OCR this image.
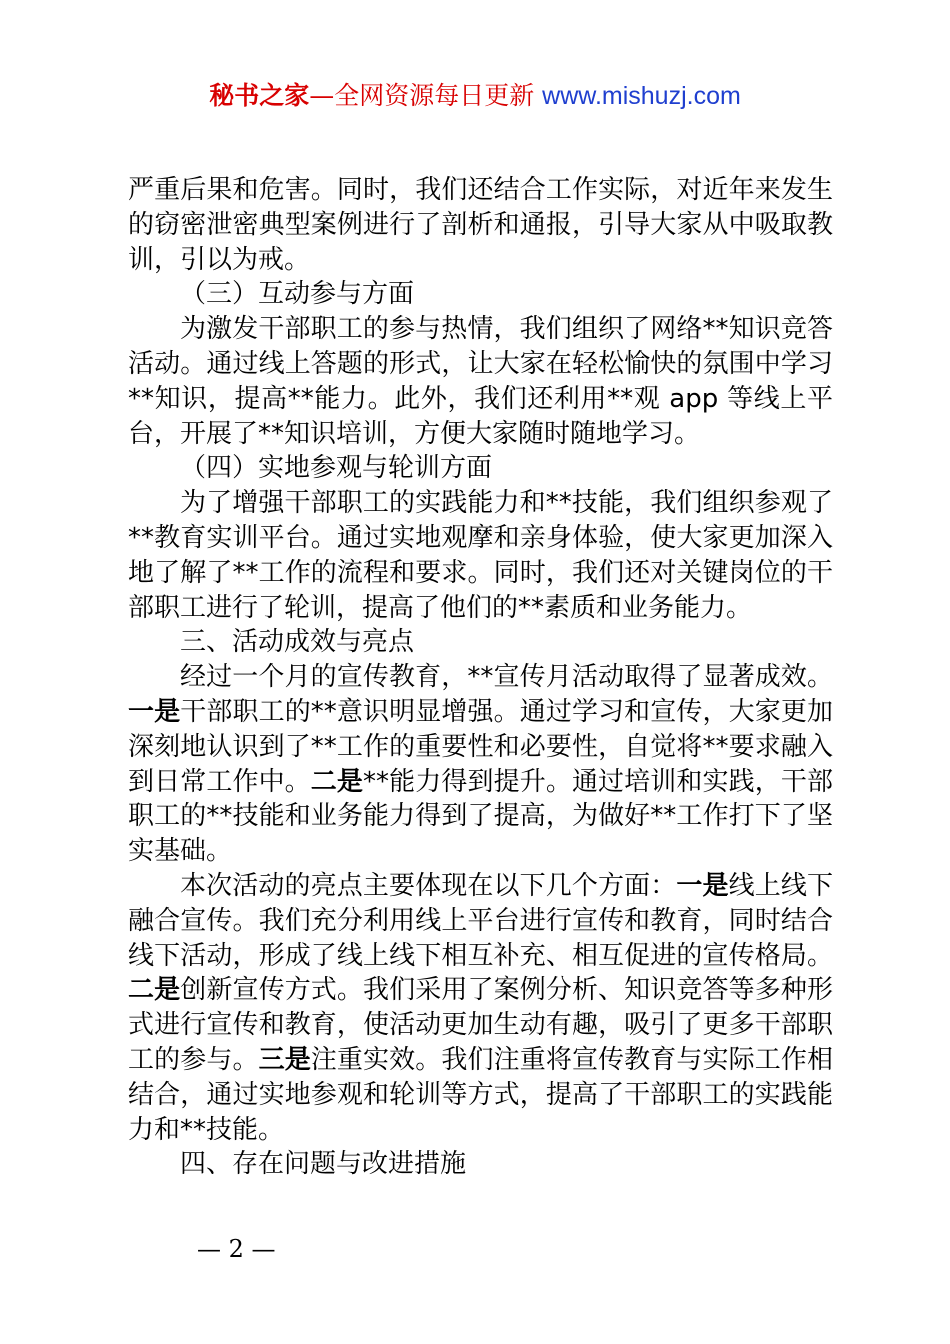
秘书之家—全网资源每日更新 www.mishuzj.com

严重后果和危害。同时，我们还结合工作实际，对近年来发生的窃密泄密典型案例进行了剖析和通报，引导大家从中吸取教训，引以为戒。

（三）互动参与方面

为激发干部职工的参与热情，我们组织了网络**知识竞答活动。通过线上答题的形式，让大家在轻松愉快的氛围中学习**知识，提高**能力。此外，我们还利用**观 app 等线上平台，开展了**知识培训，方便大家随时随地学习。

（四）实地参观与轮训方面

为了增强干部职工的实践能力和**技能，我们组织参观了**教育实训平台。通过实地观摩和亲身体验，使大家更加深入地了解了**工作的流程和要求。同时，我们还对关键岗位的干部职工进行了轮训，提高了他们的**素质和业务能力。

三、活动成效与亮点

经过一个月的宣传教育，**宣传月活动取得了显著成效。一是干部职工的**意识明显增强。通过学习和宣传，大家更加深刻地认识到了**工作的重要性和必要性，自觉将**要求融入到日常工作中。二是**能力得到提升。通过培训和实践，干部职工的**技能和业务能力得到了提高，为做好**工作打下了坚实基础。

本次活动的亮点主要体现在以下几个方面：一是线上线下融合宣传。我们充分利用线上平台进行宣传和教育，同时结合线下活动，形成了线上线下相互补充、相互促进的宣传格局。二是创新宣传方式。我们采用了案例分析、知识竞答等多种形式进行宣传和教育，使活动更加生动有趣，吸引了更多干部职工的参与。三是注重实效。我们注重将宣传教育与实际工作相结合，通过实地参观和轮训等方式，提高了干部职工的实践能力和**技能。

四、存在问题与改进措施

— 2 —
